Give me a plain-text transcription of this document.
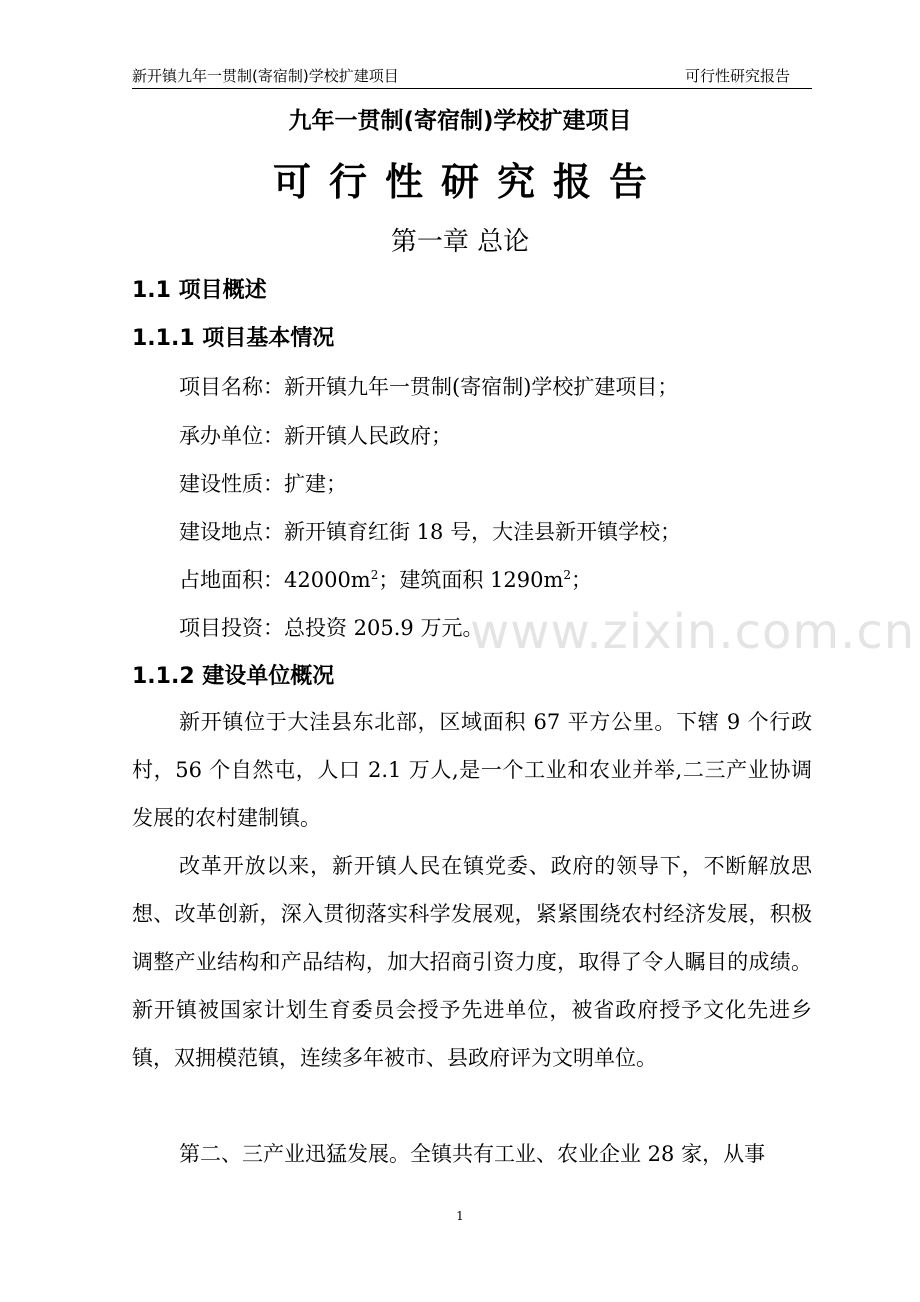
新开镇九年一贯制(寄宿制)学校扩建项目	可行性研究报告
www.zixin.com.cn
九年一贯制(寄宿制)学校扩建项目
可行性研究报告
第一章 总论
1.1 项目概述
1.1.1 项目基本情况
项目名称：新开镇九年一贯制(寄宿制)学校扩建项目；
承办单位：新开镇人民政府；
建设性质：扩建；
建设地点：新开镇育红街 18 号，大洼县新开镇学校；
占地面积：$42000m^2$；建筑面积 $1290m^2$；
项目投资：总投资 205.9 万元。
1.1.2 建设单位概况

新开镇位于大洼县东北部，区域面积 67 平方公里。下辖 9 个行政村，56 个自然屯，人口 2.1 万人,是一个工业和农业并举,二三产业协调发展的农村建制镇。

改革开放以来，新开镇人民在镇党委、政府的领导下，不断解放思想、改革创新，深入贯彻落实科学发展观，紧紧围绕农村经济发展，积极调整产业结构和产品结构，加大招商引资力度，取得了令人瞩目的成绩。新开镇被国家计划生育委员会授予先进单位，被省政府授予文化先进乡镇，双拥模范镇，连续多年被市、县政府评为文明单位。

第二、三产业迅猛发展。全镇共有工业、农业企业 28 家，从事

1
